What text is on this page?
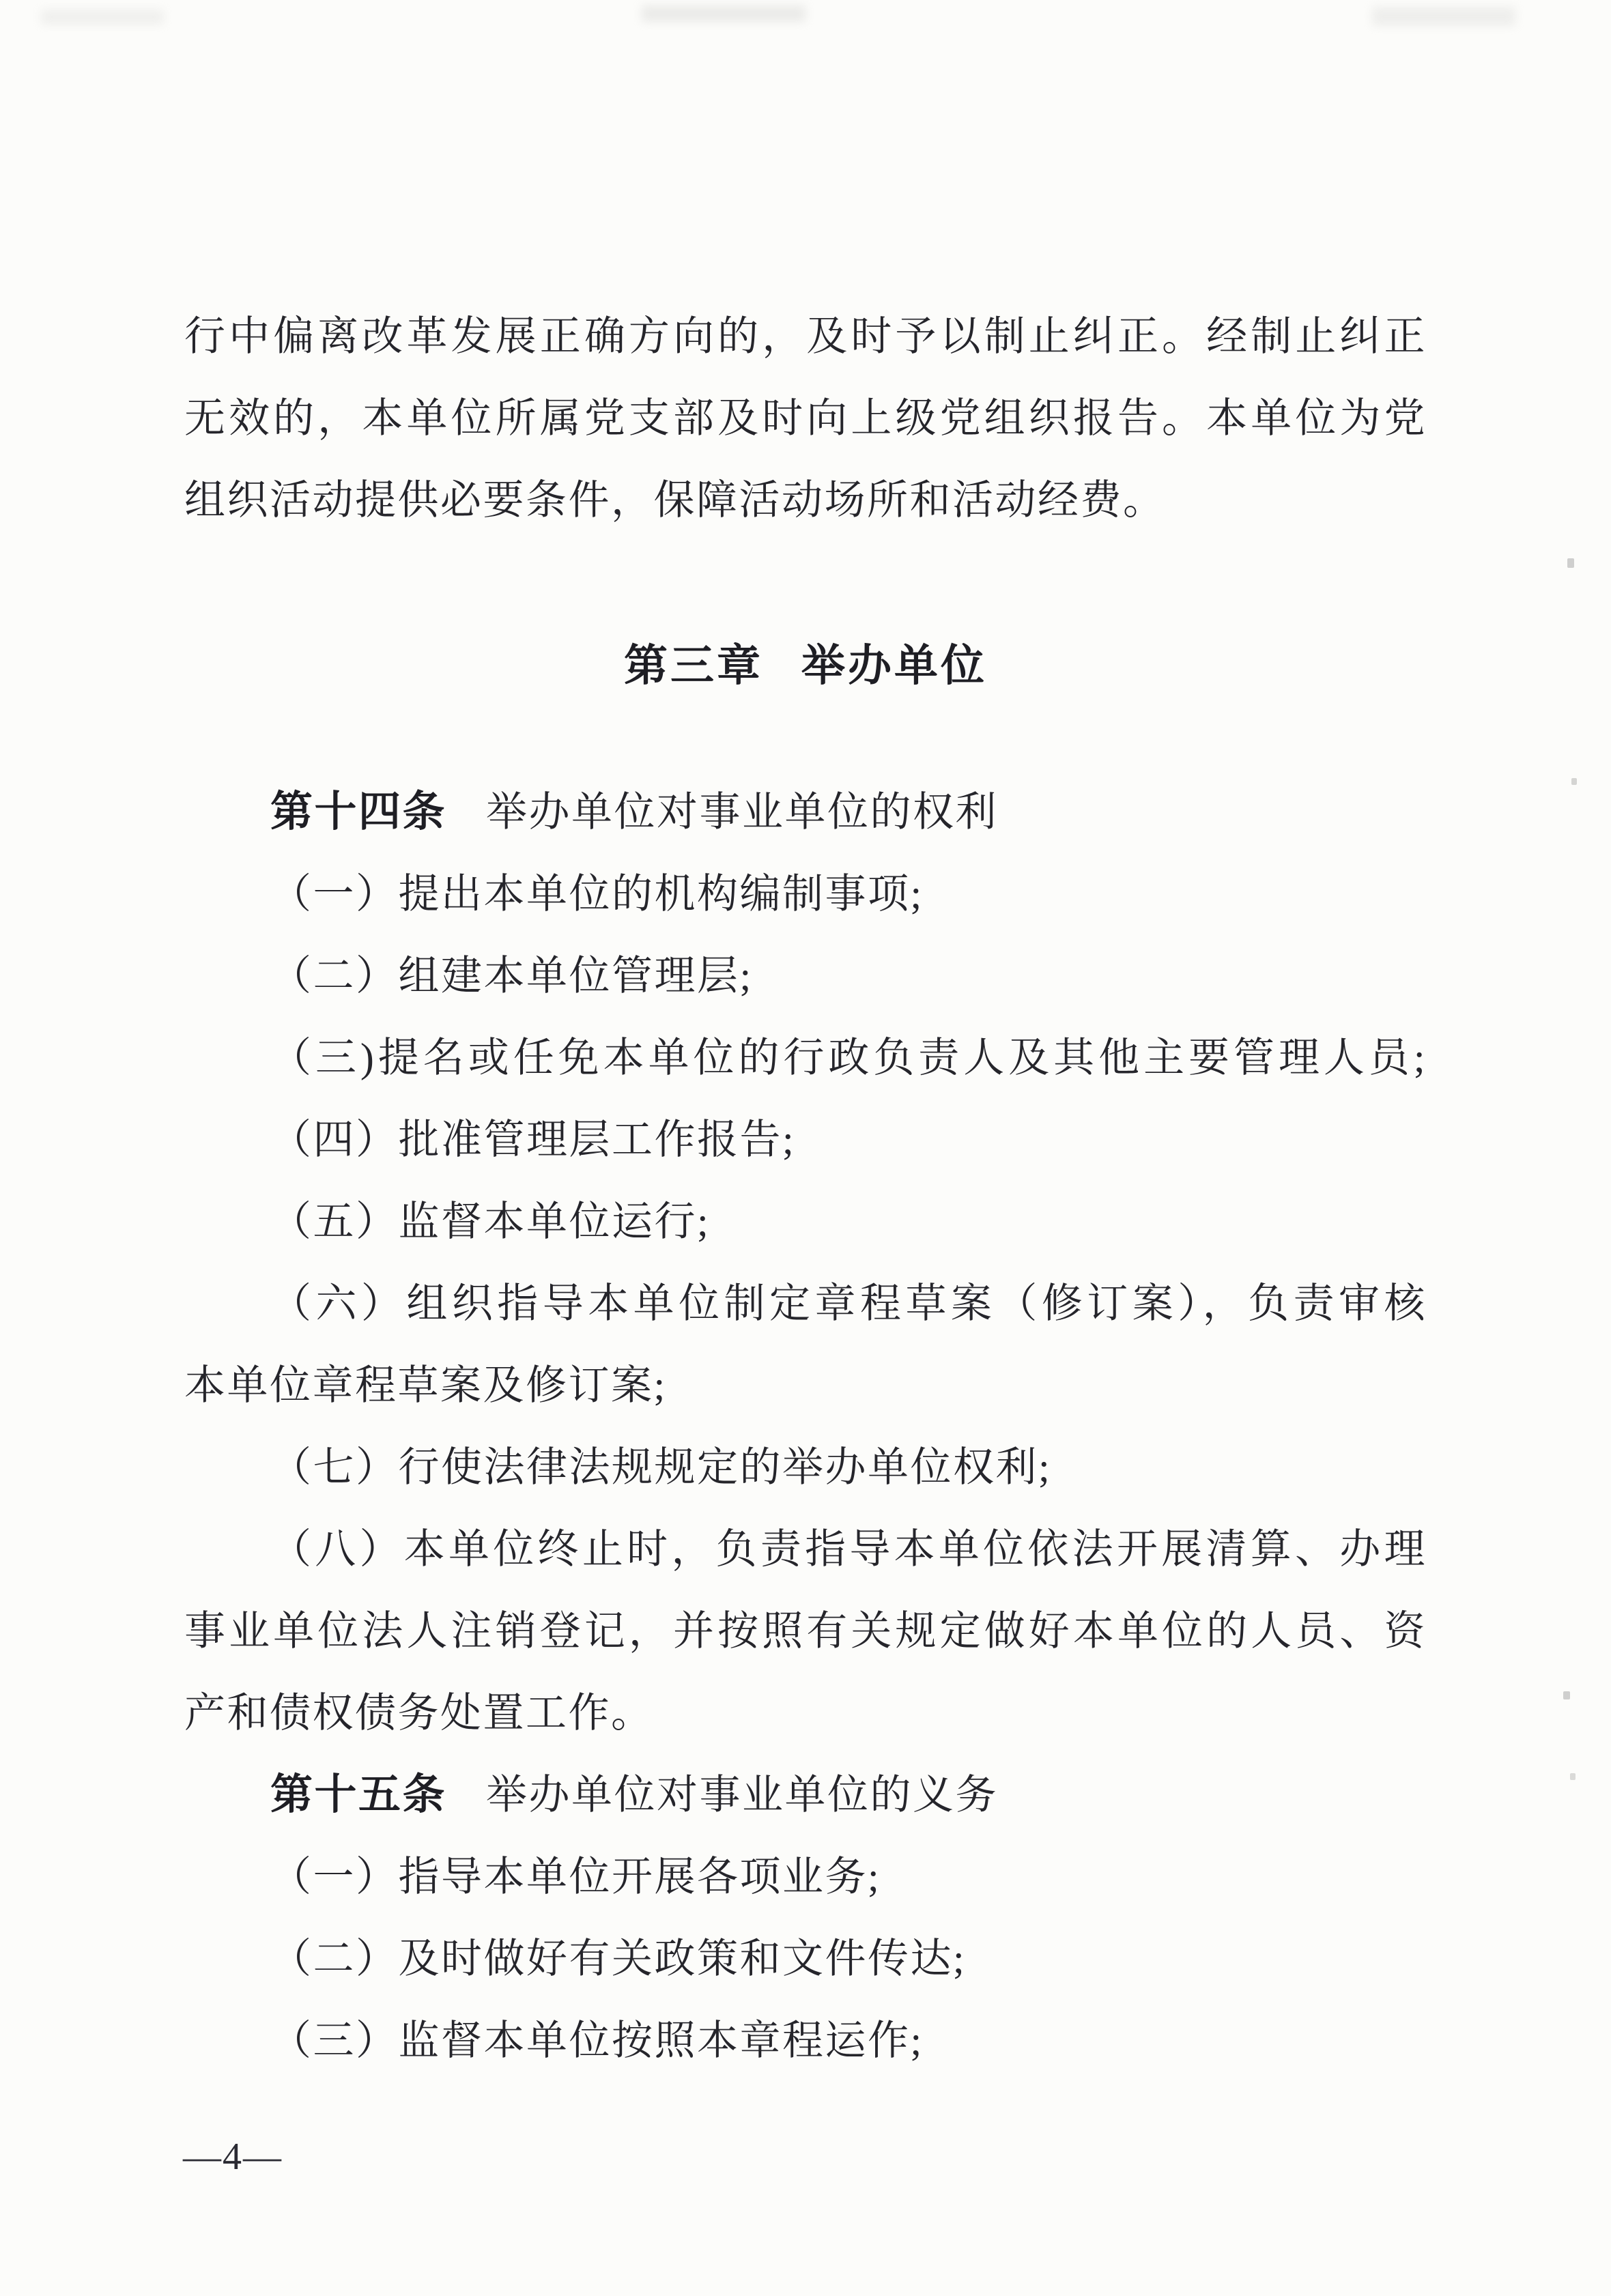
行中偏离改革发展正确方向的，及时予以制止纠正。经制止纠正
无效的，本单位所属党支部及时向上级党组织报告。本单位为党
组织活动提供必要条件，保障活动场所和活动经费。
第三章 举办单位
第十四条 举办单位对事业单位的权利
（一）提出本单位的机构编制事项;
（二）组建本单位管理层;
（三)提名或任免本单位的行政负责人及其他主要管理人员;
（四）批准管理层工作报告;
（五）监督本单位运行;
（六）组织指导本单位制定章程草案（修订案），负责审核
本单位章程草案及修订案;
（七）行使法律法规规定的举办单位权利;
（八）本单位终止时，负责指导本单位依法开展清算、办理
事业单位法人注销登记，并按照有关规定做好本单位的人员、资
产和债权债务处置工作。
第十五条 举办单位对事业单位的义务
（一）指导本单位开展各项业务;
（二）及时做好有关政策和文件传达;
（三）监督本单位按照本章程运作;
—4—
